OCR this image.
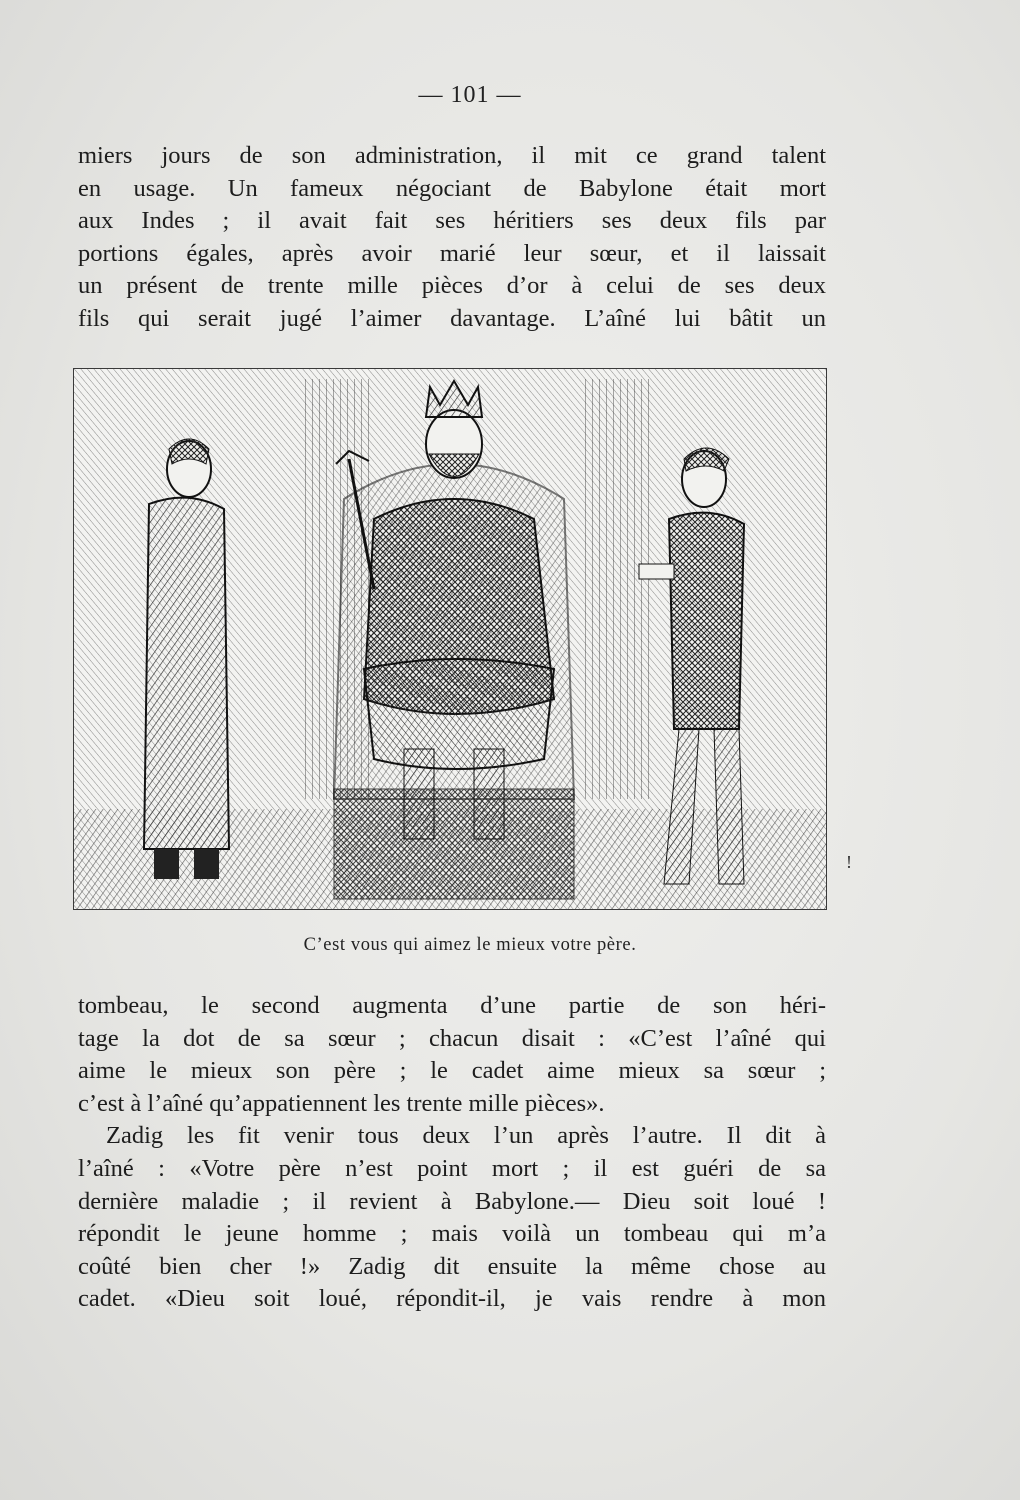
— 101 —
miers jours de son administration, il mit ce grand talent
en usage. Un fameux négociant de Babylone était mort
aux Indes ; il avait fait ses héritiers ses deux fils par
portions égales, après avoir marié leur sœur, et il laissait
un présent de trente mille pièces d’or à celui de ses deux
fils qui serait jugé l’aimer davantage. L’aîné lui bâtit un
C’est vous qui aimez le mieux votre père.
!
tombeau, le second augmenta d’une partie de son héri-
tage la dot de sa sœur ; chacun disait : «C’est l’aîné qui
aime le mieux son père ; le cadet aime mieux sa sœur ;
c’est à l’aîné qu’appatiennent les trente mille pièces».
Zadig les fit venir tous deux l’un après l’autre. Il dit à
l’aîné : «Votre père n’est point mort ; il est guéri de sa
dernière maladie ; il revient à Babylone.— Dieu soit loué !
répondit le jeune homme ; mais voilà un tombeau qui m’a
coûté bien cher !» Zadig dit ensuite la même chose au
cadet. «Dieu soit loué, répondit-il, je vais rendre à mon
